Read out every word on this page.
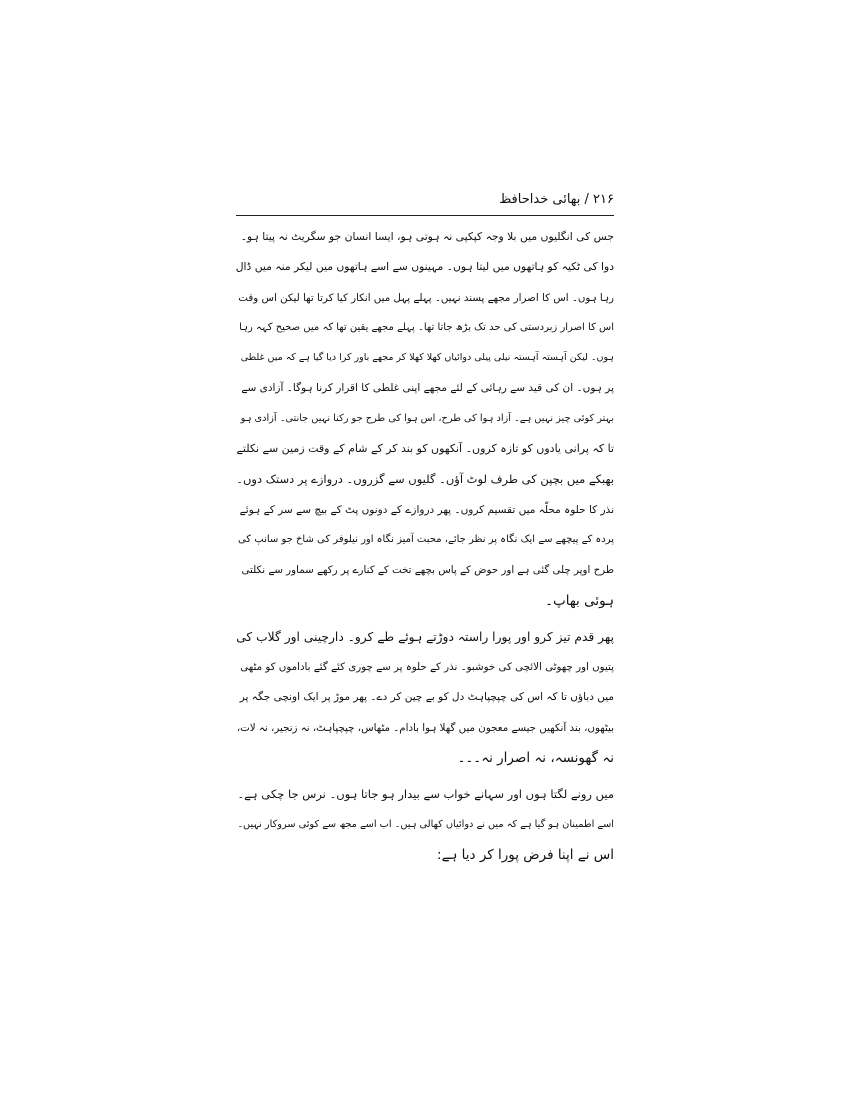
۲۱۶ / بھائی خداحافظ

جس کی انگلیوں میں بلا وجہ کپکپی نہ ہوتی ہو، ایسا انسان جو سگریٹ نہ پیتا ہو۔

دوا کی ٹکیہ کو ہاتھوں میں لیتا ہوں۔ مہینوں سے اسے ہاتھوں میں لیکر منہ میں ڈال
رہا ہوں۔ اس کا اصرار مجھے پسند نہیں۔ پہلے پہل میں انکار کیا کرتا تھا لیکن اس وقت
اس کا اصرار زبردستی کی حد تک بڑھ جاتا تھا۔ پہلے مجھے یقین تھا کہ میں صحیح کہہ رہا
ہوں۔ لیکن آہستہ آہستہ نیلی پیلی دوائیاں کھلا کھلا کر مجھے باور کرا دیا گیا ہے کہ میں غلطی
پر ہوں۔ ان کی قید سے رہائی کے لئے مجھے اپنی غلطی کا اقرار کرنا ہوگا۔ آزادی سے
بہتر کوئی چیز نہیں ہے۔ آزاد ہوا کی طرح، اس ہوا کی طرح جو رکنا نہیں جانتی۔ آزادی ہو
تا کہ پرانی یادوں کو تازہ کروں۔ آنکھوں کو بند کر کے شام کے وقت زمین سے نکلتے
بھبکے میں بچپن کی طرف لوٹ آؤں۔ گلیوں سے گزروں۔ دروازے پر دستک دوں۔
نذر کا حلوہ محلّہ میں تقسیم کروں۔ پھر دروازے کے دونوں پٹ کے بیچ سے سر کے ہوئے
پردہ کے پیچھے سے ایک نگاہ پر نظر جائے، محبت آمیز نگاہ اور نیلوفر کی شاخ جو سانپ کی
طرح اوپر چلی گئی ہے اور حوض کے پاس بچھے تخت کے کنارے پر رکھے سماور سے نکلتی
ہوئی بھاپ۔

پھر قدم تیز کرو اور پورا راستہ دوڑتے ہوئے طے کرو۔ دارچینی اور گلاب کی
پتیوں اور چھوٹی الائچی کی خوشبو۔ نذر کے حلوہ پر سے چوری کئے گئے باداموں کو مٹھی
میں دباؤں تا کہ اس کی چپچپاہٹ دل کو بے چین کر دے۔ پھر موڑ پر ایک اونچی جگہ پر
بیٹھوں، بند آنکھیں جیسے معجون میں گھلا ہوا بادام۔ مٹھاس، چپچپاہٹ، نہ زنجیر، نہ لات،
نہ گھونسہ، نہ اصرار نہ۔۔۔

میں رونے لگتا ہوں اور سہانے خواب سے بیدار ہو جاتا ہوں۔ نرس جا چکی ہے۔
اسے اطمینان ہو گیا ہے کہ میں نے دوائیاں کھالی ہیں۔ اب اسے مجھ سے کوئی سروکار نہیں۔
اس نے اپنا فرض پورا کر دیا ہے:
